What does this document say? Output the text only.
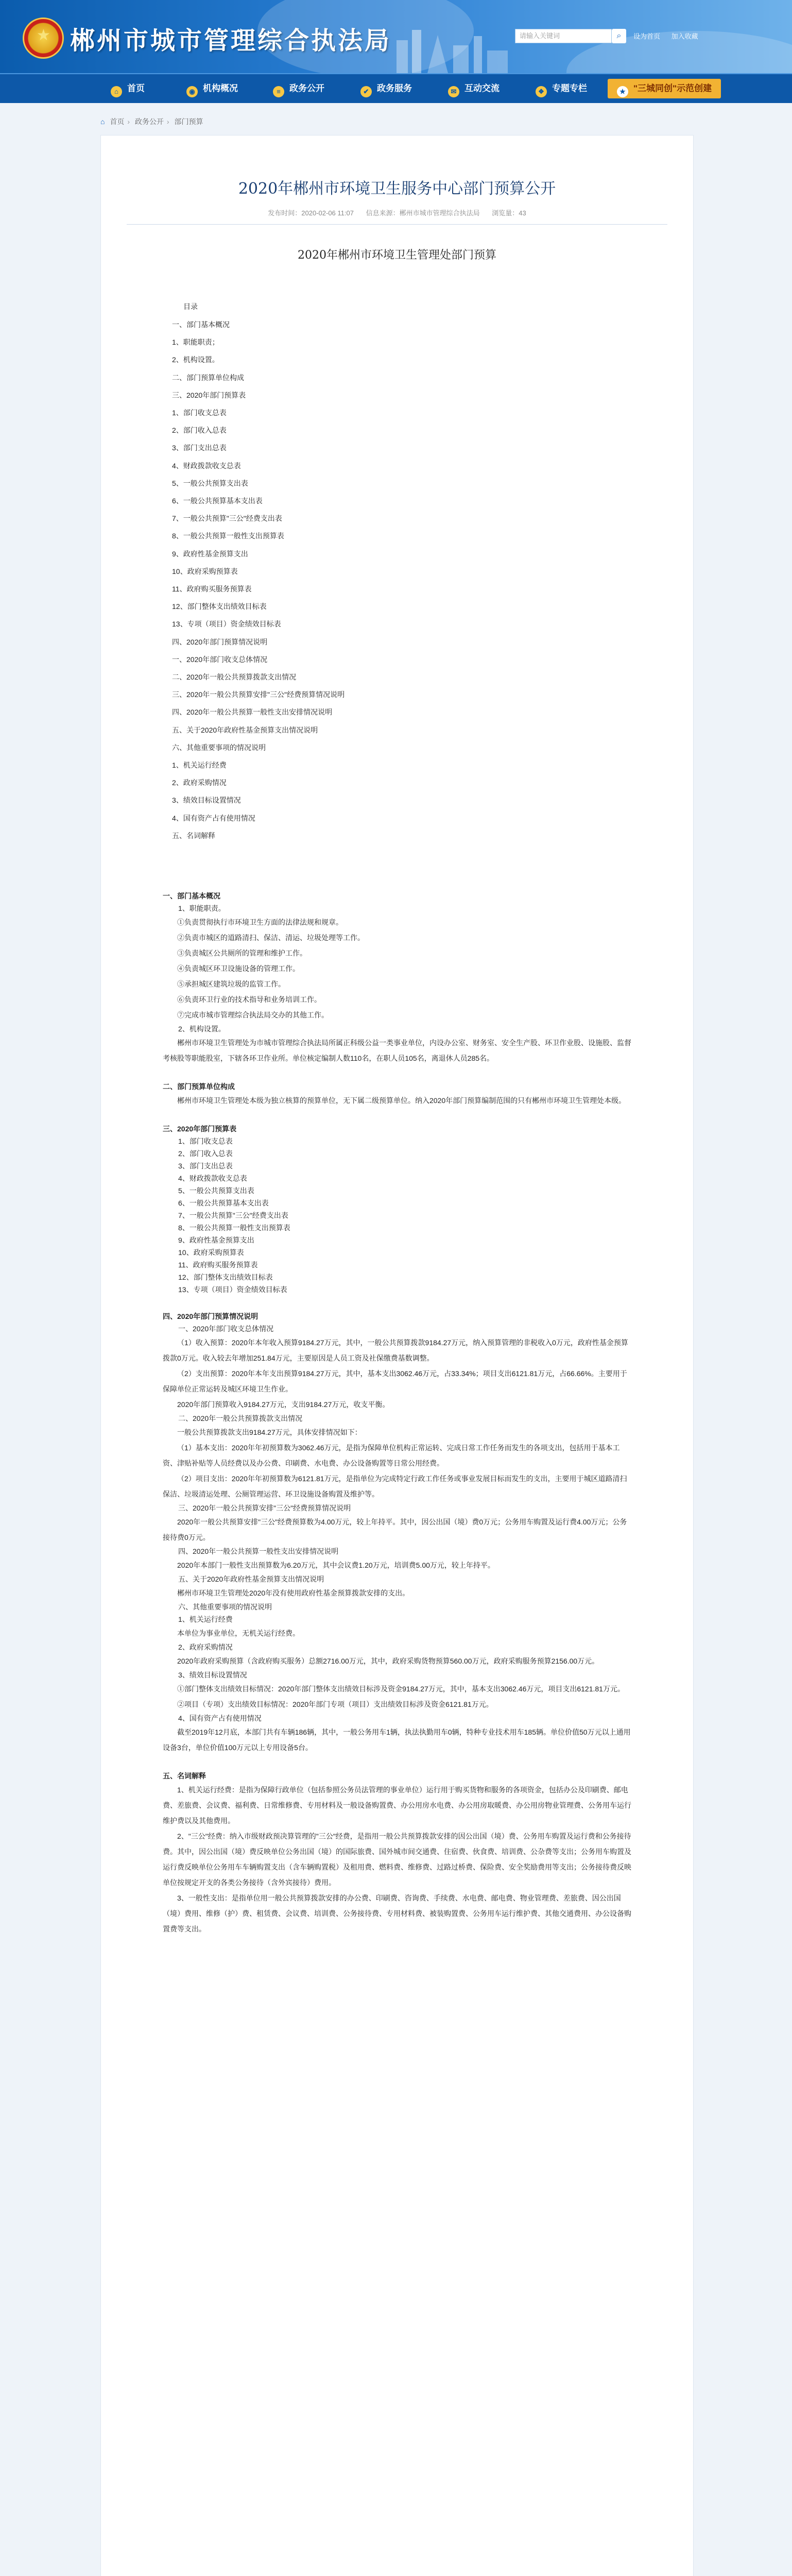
★ 郴州市城市管理综合执法局	请输入关键词	⌕	设为首页 加入收藏
⌂ 首页	◉ 机构概况	≡ 政务公开	✔ 政务服务	✉ 互动交流	❖ 专题专栏	★ "三城同创"示范创建
⌂ 首页 › 政务公开 › 部门预算
2020年郴州市环境卫生服务中心部门预算公开
发布时间：2020-02-06 11:07 信息来源：郴州市城市管理综合执法局 浏览量：43
2020年郴州市环境卫生管理处部门预算

目录

一、部门基本概况

1、职能职责；

2、机构设置。

二、部门预算单位构成

三、2020年部门预算表

1、部门收支总表

2、部门收入总表

3、部门支出总表

4、财政拨款收支总表

5、一般公共预算支出表

6、一般公共预算基本支出表

7、一般公共预算"三公"经费支出表

8、一般公共预算一般性支出预算表

9、政府性基金预算支出

10、政府采购预算表

11、政府购买服务预算表

12、部门整体支出绩效目标表

13、专项（项目）资金绩效目标表

四、2020年部门预算情况说明

一、2020年部门收支总体情况

二、2020年一般公共预算拨款支出情况

三、2020年一般公共预算安排"三公"经费预算情况说明

四、2020年一般公共预算一般性支出安排情况说明

五、关于2020年政府性基金预算支出情况说明

六、其他重要事项的情况说明

1、机关运行经费

2、政府采购情况

3、绩效目标设置情况

4、国有资产占有使用情况

五、名词解释

一、部门基本概况

1、职能职责。

①负责贯彻执行市环境卫生方面的法律法规和规章。

②负责市城区的道路清扫、保洁、清运、垃圾处理等工作。

③负责城区公共厕所的管理和维护工作。

④负责城区环卫设施设备的管理工作。

⑤承担城区建筑垃圾的监管工作。

⑥负责环卫行业的技术指导和业务培训工作。

⑦完成市城市管理综合执法局交办的其他工作。

2、机构设置。

郴州市环境卫生管理处为市城市管理综合执法局所属正科级公益一类事业单位，内设办公室、财务室、安全生产股、环卫作业股、设施股、监督考核股等职能股室，下辖各环卫作业所。单位核定编制人数110名，在职人员105名，离退休人员285名。

二、部门预算单位构成

郴州市环境卫生管理处本级为独立核算的预算单位，无下属二级预算单位。纳入2020年部门预算编制范围的只有郴州市环境卫生管理处本级。

三、2020年部门预算表

1、部门收支总表

2、部门收入总表

3、部门支出总表

4、财政拨款收支总表

5、一般公共预算支出表

6、一般公共预算基本支出表

7、一般公共预算"三公"经费支出表

8、一般公共预算一般性支出预算表

9、政府性基金预算支出

10、政府采购预算表

11、政府购买服务预算表

12、部门整体支出绩效目标表

13、专项（项目）资金绩效目标表

四、2020年部门预算情况说明

一、2020年部门收支总体情况

（1）收入预算：2020年本年收入预算9184.27万元，其中，一般公共预算拨款9184.27万元，纳入预算管理的非税收入0万元，政府性基金预算拨款0万元。收入较去年增加251.84万元，主要原因是人员工资及社保缴费基数调整。

（2）支出预算：2020年本年支出预算9184.27万元，其中，基本支出3062.46万元，占33.34%；项目支出6121.81万元，占66.66%。主要用于保障单位正常运转及城区环境卫生作业。

2020年部门预算收入9184.27万元，支出9184.27万元，收支平衡。

二、2020年一般公共预算拨款支出情况

一般公共预算拨款支出9184.27万元，具体安排情况如下：

（1）基本支出：2020年年初预算数为3062.46万元，是指为保障单位机构正常运转、完成日常工作任务而发生的各项支出，包括用于基本工资、津贴补贴等人员经费以及办公费、印刷费、水电费、办公设备购置等日常公用经费。

（2）项目支出：2020年年初预算数为6121.81万元，是指单位为完成特定行政工作任务或事业发展目标而发生的支出，主要用于城区道路清扫保洁、垃圾清运处理、公厕管理运营、环卫设施设备购置及维护等。

三、2020年一般公共预算安排"三公"经费预算情况说明

2020年一般公共预算安排"三公"经费预算数为4.00万元，较上年持平。其中，因公出国（境）费0万元；公务用车购置及运行费4.00万元；公务接待费0万元。

四、2020年一般公共预算一般性支出安排情况说明

2020年本部门一般性支出预算数为6.20万元，其中会议费1.20万元，培训费5.00万元，较上年持平。

五、关于2020年政府性基金预算支出情况说明

郴州市环境卫生管理处2020年没有使用政府性基金预算拨款安排的支出。

六、其他重要事项的情况说明

1、机关运行经费

本单位为事业单位，无机关运行经费。

2、政府采购情况

2020年政府采购预算（含政府购买服务）总额2716.00万元，其中，政府采购货物预算560.00万元，政府采购服务预算2156.00万元。

3、绩效目标设置情况

①部门整体支出绩效目标情况：2020年部门整体支出绩效目标涉及资金9184.27万元，其中，基本支出3062.46万元，项目支出6121.81万元。

②项目（专项）支出绩效目标情况：2020年部门专项（项目）支出绩效目标涉及资金6121.81万元。

4、国有资产占有使用情况

截至2019年12月底，本部门共有车辆186辆，其中，一般公务用车1辆，执法执勤用车0辆，特种专业技术用车185辆。单位价值50万元以上通用设备3台，单位价值100万元以上专用设备5台。

五、名词解释

1、机关运行经费：是指为保障行政单位（包括参照公务员法管理的事业单位）运行用于购买货物和服务的各项资金，包括办公及印刷费、邮电费、差旅费、会议费、福利费、日常维修费、专用材料及一般设备购置费、办公用房水电费、办公用房取暖费、办公用房物业管理费、公务用车运行维护费以及其他费用。

2、"三公"经费：纳入市级财政预决算管理的"三公"经费，是指用一般公共预算拨款安排的因公出国（境）费、公务用车购置及运行费和公务接待费。其中，因公出国（境）费反映单位公务出国（境）的国际旅费、国外城市间交通费、住宿费、伙食费、培训费、公杂费等支出；公务用车购置及运行费反映单位公务用车车辆购置支出（含车辆购置税）及租用费、燃料费、维修费、过路过桥费、保险费、安全奖励费用等支出；公务接待费反映单位按规定开支的各类公务接待（含外宾接待）费用。

3、一般性支出：是指单位用一般公共预算拨款安排的办公费、印刷费、咨询费、手续费、水电费、邮电费、物业管理费、差旅费、因公出国（境）费用、维修（护）费、租赁费、会议费、培训费、公务接待费、专用材料费、被装购置费、公务用车运行维护费、其他交通费用、办公设备购置费等支出。
